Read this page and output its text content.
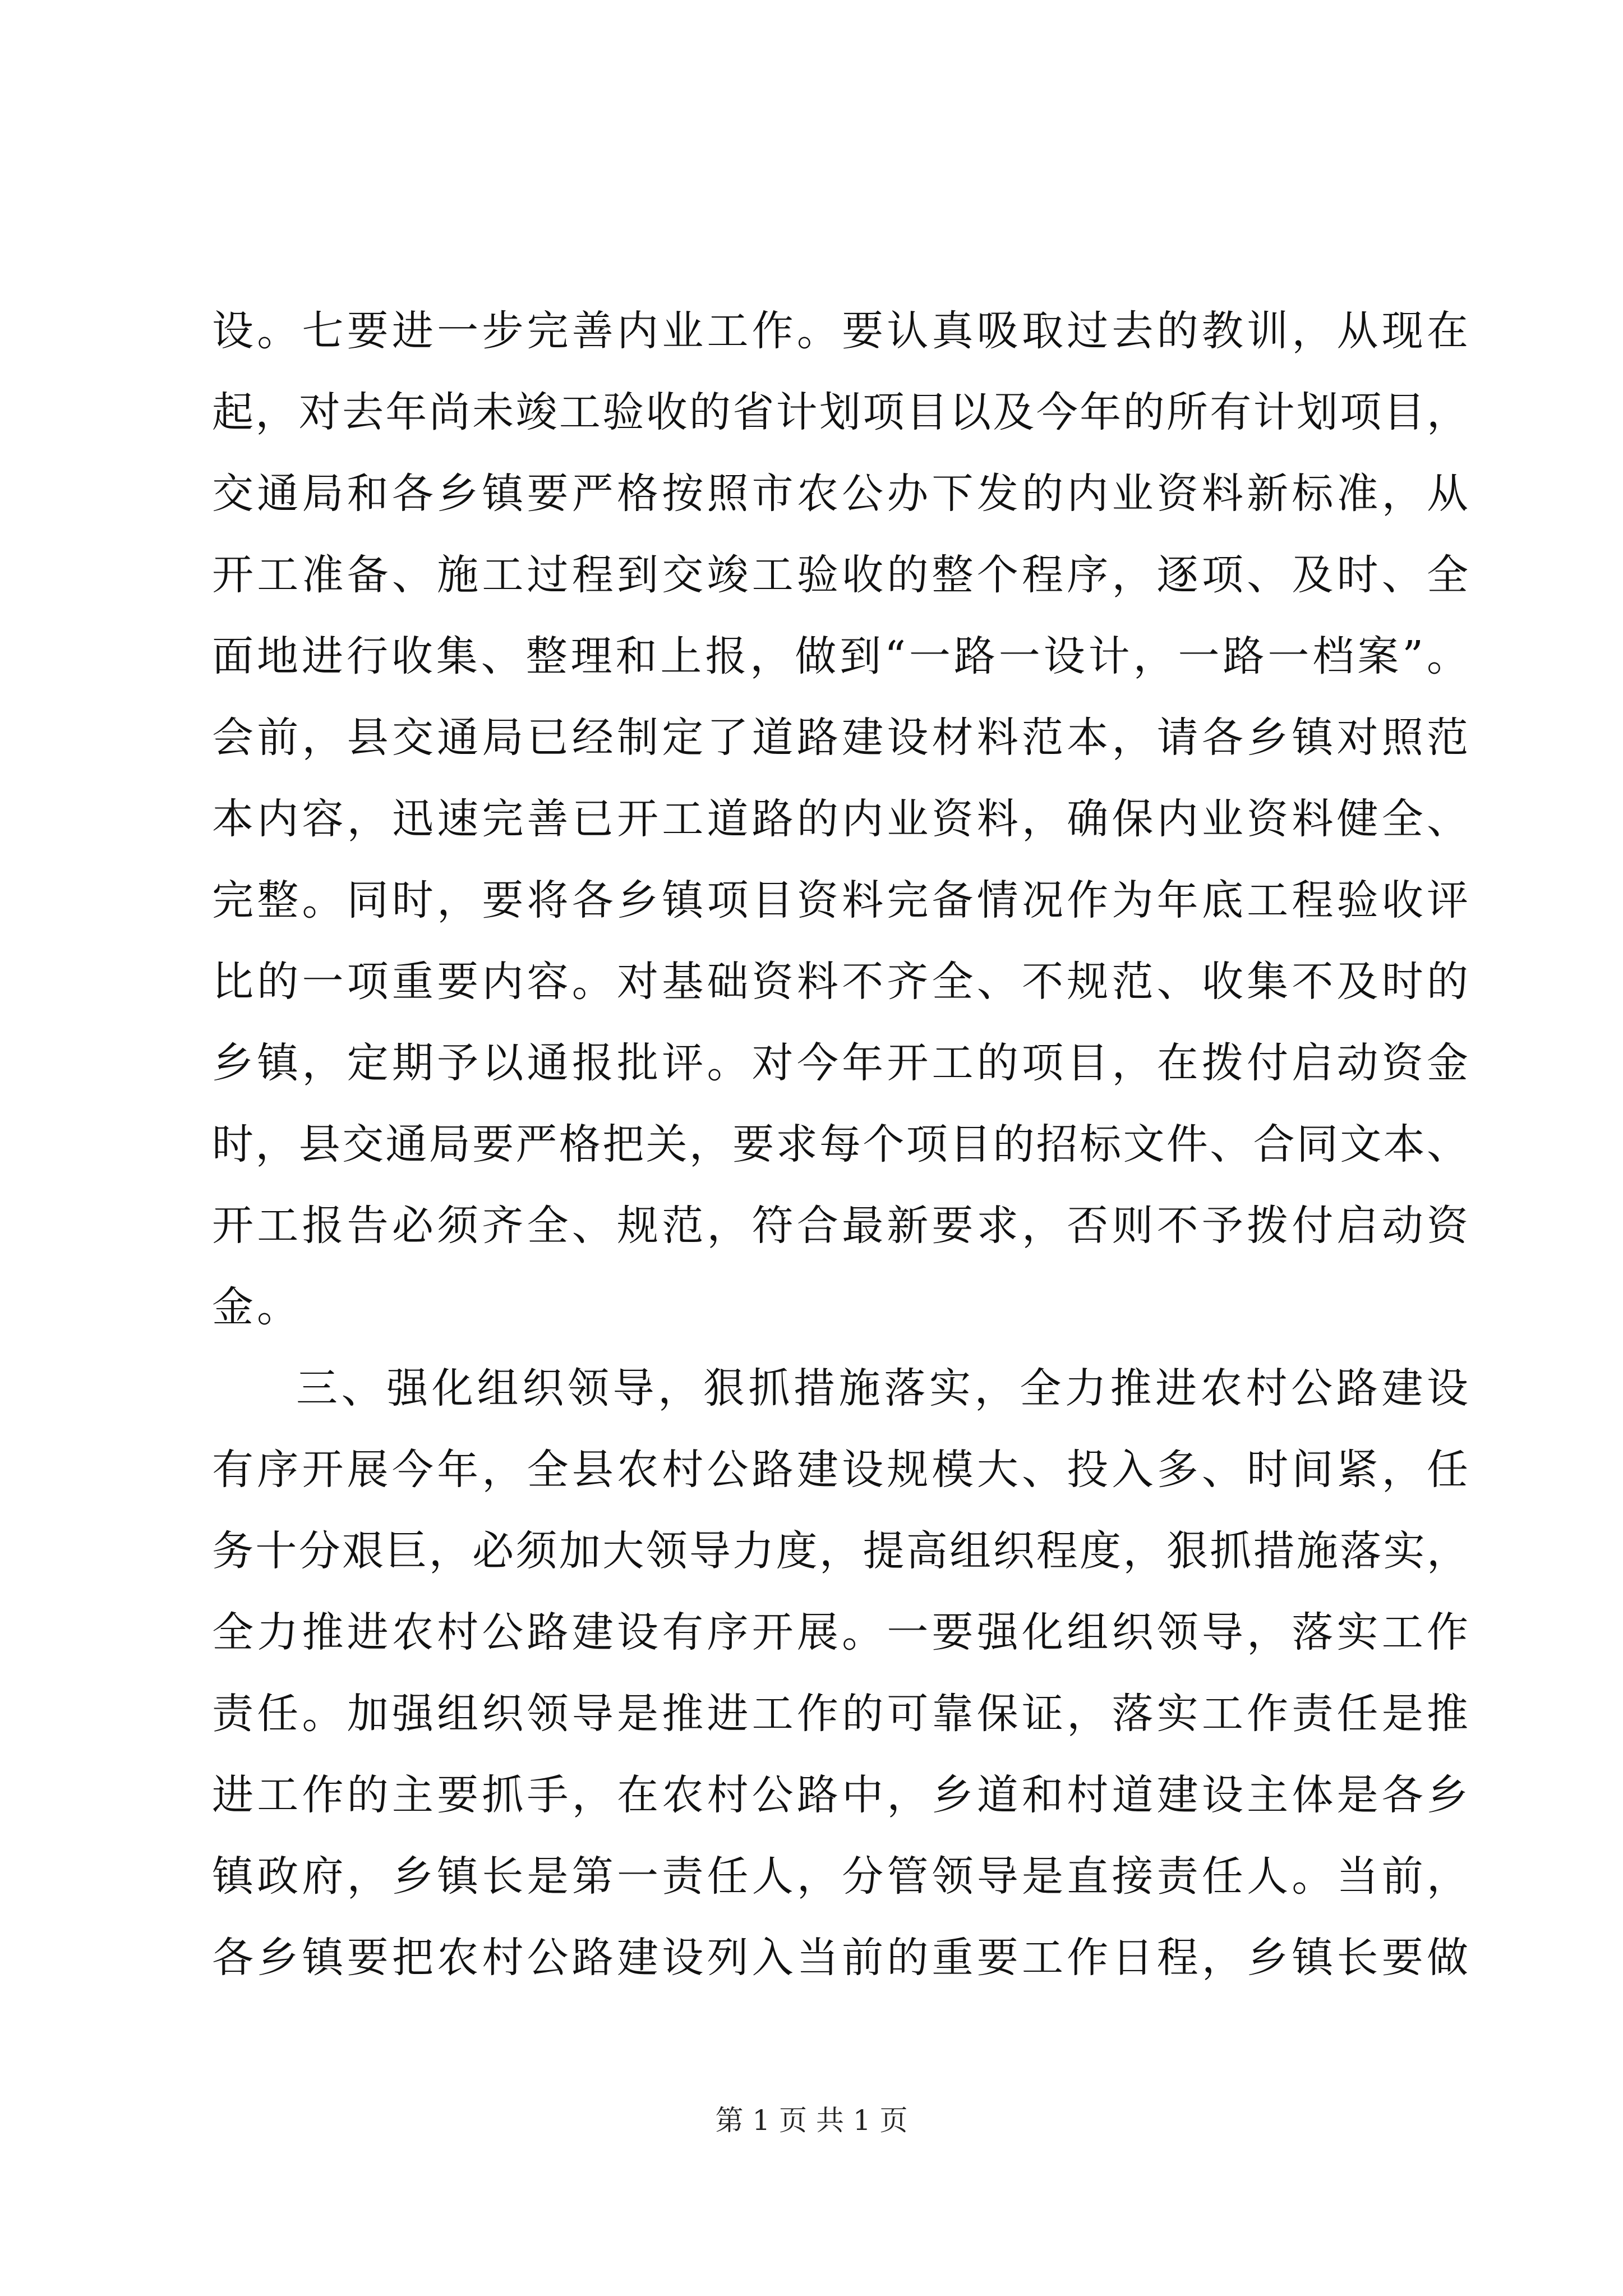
设。七要进一步完善内业工作。要认真吸取过去的教训，从现在
起，对去年尚未竣工验收的省计划项目以及今年的所有计划项目，
交通局和各乡镇要严格按照市农公办下发的内业资料新标准，从
开工准备、施工过程到交竣工验收的整个程序，逐项、及时、全
面地进行收集、整理和上报，做到“一路一设计，一路一档案”。
会前，县交通局已经制定了道路建设材料范本，请各乡镇对照范
本内容，迅速完善已开工道路的内业资料，确保内业资料健全、
完整。同时，要将各乡镇项目资料完备情况作为年底工程验收评
比的一项重要内容。对基础资料不齐全、不规范、收集不及时的
乡镇，定期予以通报批评。对今年开工的项目，在拨付启动资金
时，县交通局要严格把关，要求每个项目的招标文件、合同文本、
开工报告必须齐全、规范，符合最新要求，否则不予拨付启动资
金。
三、强化组织领导，狠抓措施落实，全力推进农村公路建设
有序开展今年，全县农村公路建设规模大、投入多、时间紧，任
务十分艰巨，必须加大领导力度，提高组织程度，狠抓措施落实，
全力推进农村公路建设有序开展。一要强化组织领导，落实工作
责任。加强组织领导是推进工作的可靠保证，落实工作责任是推
进工作的主要抓手，在农村公路中，乡道和村道建设主体是各乡
镇政府，乡镇长是第一责任人，分管领导是直接责任人。当前，
各乡镇要把农村公路建设列入当前的重要工作日程，乡镇长要做
第 1 页 共 1 页
